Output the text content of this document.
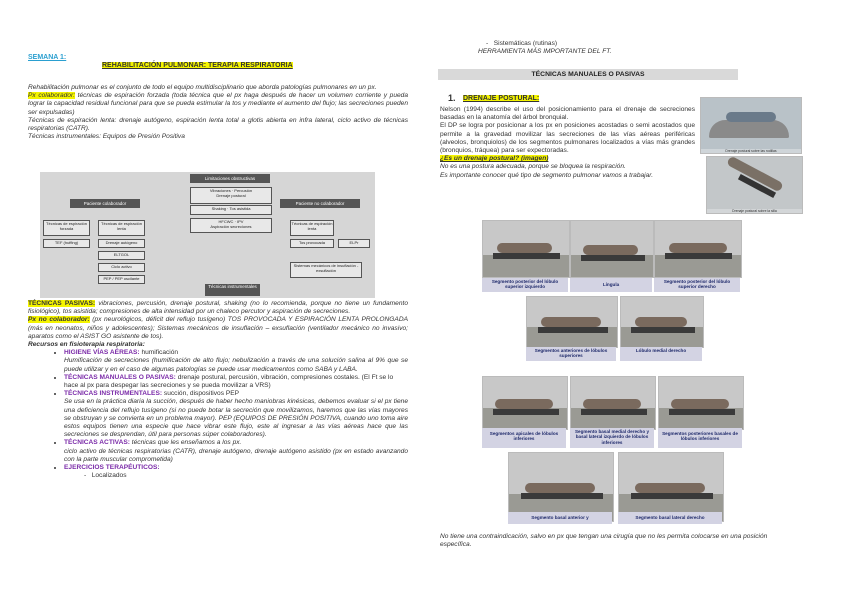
SEMANA 1:
REHABILITACIÓN PULMONAR: TERAPIA RESPIRATORIA

Rehabilitación pulmonar es el conjunto de todo el equipo multidisciplinario que aborda patologías pulmonares en un px.

Px colaborador: técnicas de espiración forzada (toda técnica que el px haga después de hacer un volumen corriente y pueda lograr la capacidad residual funcional para que se pueda estimular la tos y mediante el aumento del flujo; las secreciones pueden ser expulsadas)

Técnicas de espiración lenta: drenaje autógeno, espiración lenta total a glotis abierta en infra lateral, ciclo activo de técnicas respiratorias (CATR).

Técnicas instrumentales: Equipos de Presión Positiva

Limitaciones obstructivas
Vibraciones · Percusión
Drenaje postural
Shaking · Tos asistida
HFCWC · IPV
Aspiración secreciones
Paciente colaborador	Paciente no colaborador
Técnicas de espiración forzada
Técnicas de espiración lenta
TEF (huffing)	Drenaje autógeno
ELTGOL
Ciclo activo
PEP / PEP oscilante
Técnicas de espiración lenta
Tos provocada	ELPr
Sistemas mecánicos de insuflación - exsuflación
Técnicas instrumentales

TÉCNICAS PASIVAS: vibraciones, percusión, drenaje postural, shaking (no lo recomienda, porque no tiene un fundamento fisiológico), tos asistida; compresiones de alta intensidad por un chaleco percutor y aspiración de secreciones.

Px no colaborador: (px neurológicos, déficit del reflujo tusígeno) TOS PROVOCADA Y ESPIRACIÓN LENTA PROLONGADA (más en neonatos, niños y adolescentes); Sistemas mecánicos de insuflación – exsuflación (ventilador mecánico no invasivo; aparatos como el ASIST GO asistente de tos).

Recursos en fisioterapia respiratoria:

• HIGIENE VÍAS AÉREAS: humificación

Humificación de secreciones (humificación de alto flujo; nebulización a través de una solución salina al 9% que se puede utilizar y en el caso de algunas patologías se puede usar medicamentos como SABA y LABA.

• TÉCNICAS MANUALES O PASIVAS: drenaje postural, percusión, vibración, compresiones costales. (El Ft se lo hace al px para despegar las secreciones y se pueda movilizar a VRS)
• TÉCNICAS INSTRUMENTALES: succión, dispositivos PEP

Se usa en la práctica diaria la succión, después de haber hecho maniobras kinésicas, debemos evaluar si el px tiene una deficiencia del reflujo tusígeno (si no puede botar la secreción que movilizamos, haremos que las vías mayores se obstruyan y se convierta en un problema mayor). PEP (EQUIPOS DE PRESIÓN POSITIVA, cuando uno toma aire estos equipos tienen una especie que hace vibrar este flujo, este al ingresar a las vías aéreas hace que las secreciones se desprendan, útil para personas súper colaboradores).

• TÉCNICAS ACTIVAS: técnicas que les enseñamos a los px.

ciclo activo de técnicas respiratorias (CATR), drenaje autógeno, drenaje autógeno asistido (px en estado avanzando con la parte muscular comprometida)

• EJERCICIOS TERAPÉUTICOS:

-   Localizados

-   Sistemáticas (rutinas)

HERRAMIENTA MÁS IMPORTANTE DEL FT.
TÉCNICAS MANUALES O PASIVAS
1. DRENAJE POSTURAL:

Nelson (1994) describe el uso del posicionamiento para el drenaje de secreciones basadas en la anatomía del árbol bronquial.

El DP se logra por posicionar a los px en posiciones acostadas o semi acostados que permite a la gravedad movilizar las secreciones de las vías aéreas periféricas (alveolos, bronquiolos) de los segmentos pulmonares localizados a vías más grandes (bronquios, tráquea) para ser expectoradas.

¿Es un drenaje postural? (imagen)

No es una postura adecuada, porque se bloquea la respiración.

Es importante conocer qué tipo de segmento pulmonar vamos a trabajar.

Drenaje postural sobre las rodillas
Drenaje postural sobre la silla
Segmento posterior del lóbulo superior izquierdo	Língula
Segmento posterior del lóbulo superior derecho
Segmentos anteriores de lóbulos superiores
Lóbulo medial derecho
Segmentos apicales de lóbulos inferiores
Segmento basal medial derecho y basal lateral izquierdo de lóbulos inferiores
Segmentos posteriores basales de lóbulos inferiores
Segmento basal anterior y	Segmento basal lateral derecho
No tiene una contraindicación, salvo en px que tengan una cirugía que no les permita colocarse en una posición específica.
